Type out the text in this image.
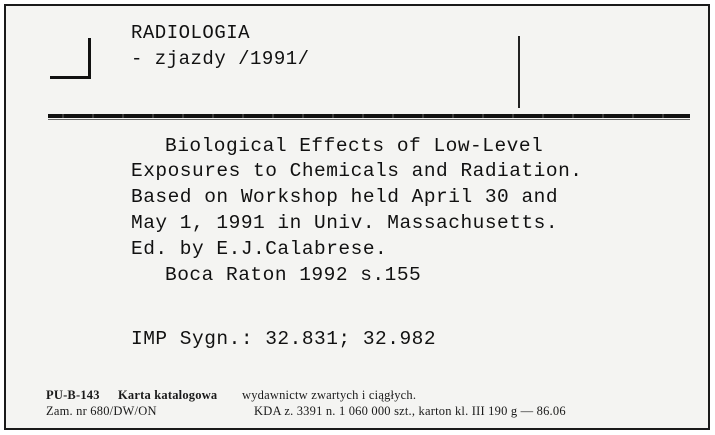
RADIOLOGIA
- zjazdy /1991/
Biological Effects of Low-Level
Exposures to Chemicals and Radiation.
Based on Workshop held April 30 and
May 1, 1991 in Univ. Massachusetts.
Ed. by E.J.Calabrese.
Boca Raton 1992 s.155
IMP Sygn.: 32.831; 32.982
PU-B-143 Karta katalogowa wydawnictw zwartych i ciągłych.
Zam. nr 680/DW/ON	KDA z. 3391 n. 1 060 000 szt., karton kl. III 190 g — 86.06
